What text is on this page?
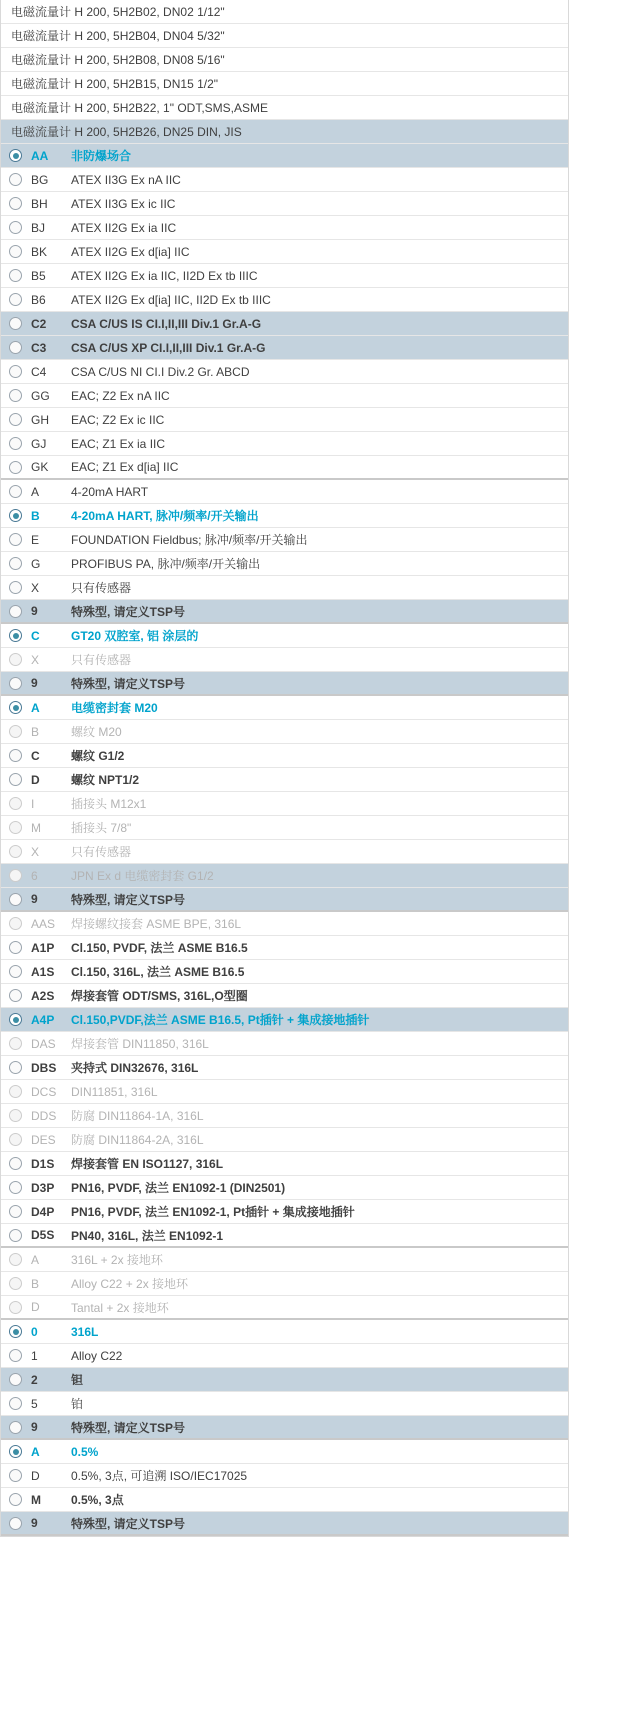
电磁流量计 H 200, 5H2B02, DN02 1/12"
电磁流量计 H 200, 5H2B04, DN04 5/32"
电磁流量计 H 200, 5H2B08, DN08 5/16"
电磁流量计 H 200, 5H2B15, DN15 1/2"
电磁流量计 H 200, 5H2B22, 1" ODT,SMS,ASME
电磁流量计 H 200, 5H2B26, DN25 DIN, JIS
AA	非防爆场合
BG	ATEX II3G Ex nA IIC
BH	ATEX II3G Ex ic IIC
BJ	ATEX II2G Ex ia IIC
BK	ATEX II2G Ex d[ia] IIC
B5	ATEX II2G Ex ia IIC, II2D Ex tb IIIC
B6	ATEX II2G Ex d[ia] IIC, II2D Ex tb IIIC
C2	CSA C/US IS CI.I,II,III Div.1 Gr.A-G
C3	CSA C/US XP CI.I,II,III Div.1 Gr.A-G
C4	CSA C/US NI CI.I Div.2 Gr. ABCD
GG	EAC; Z2 Ex nA IIC
GH	EAC; Z2 Ex ic IIC
GJ	EAC; Z1 Ex ia IIC
GK	EAC; Z1 Ex d[ia] IIC
A	4-20mA HART
B	4-20mA HART, 脉冲/频率/开关输出
E	FOUNDATION Fieldbus; 脉冲/频率/开关输出
G	PROFIBUS PA, 脉冲/频率/开关输出
X	只有传感器
9	特殊型, 请定义TSP号
C	GT20 双腔室, 铝 涂层的
X	只有传感器
9	特殊型, 请定义TSP号
A	电缆密封套 M20
B	螺纹 M20
C	螺纹 G1/2
D	螺纹 NPT1/2
I	插接头 M12x1
M	插接头 7/8"
X	只有传感器
6	JPN Ex d 电缆密封套 G1/2
9	特殊型, 请定义TSP号
AAS	焊接螺纹接套 ASME BPE, 316L
A1P	Cl.150, PVDF, 法兰 ASME B16.5
A1S	Cl.150, 316L, 法兰 ASME B16.5
A2S	焊接套管 ODT/SMS, 316L,O型圈
A4P	Cl.150,PVDF,法兰 ASME B16.5, Pt插针 + 集成接地插针
DAS	焊接套管 DIN11850, 316L
DBS	夹持式 DIN32676, 316L
DCS	DIN11851, 316L
DDS	防腐 DIN11864-1A, 316L
DES	防腐 DIN11864-2A, 316L
D1S	焊接套管 EN ISO1127, 316L
D3P	PN16, PVDF, 法兰 EN1092-1 (DIN2501)
D4P	PN16, PVDF, 法兰 EN1092-1, Pt插针 + 集成接地插针
D5S	PN40, 316L, 法兰 EN1092-1
A	316L + 2x 接地环
B	Alloy C22 + 2x 接地环
D	Tantal + 2x 接地环
0	316L
1	Alloy C22
2	钽
5	铂
9	特殊型, 请定义TSP号
A	0.5%
D	0.5%, 3点, 可追溯 ISO/IEC17025
M	0.5%, 3点
9	特殊型, 请定义TSP号
